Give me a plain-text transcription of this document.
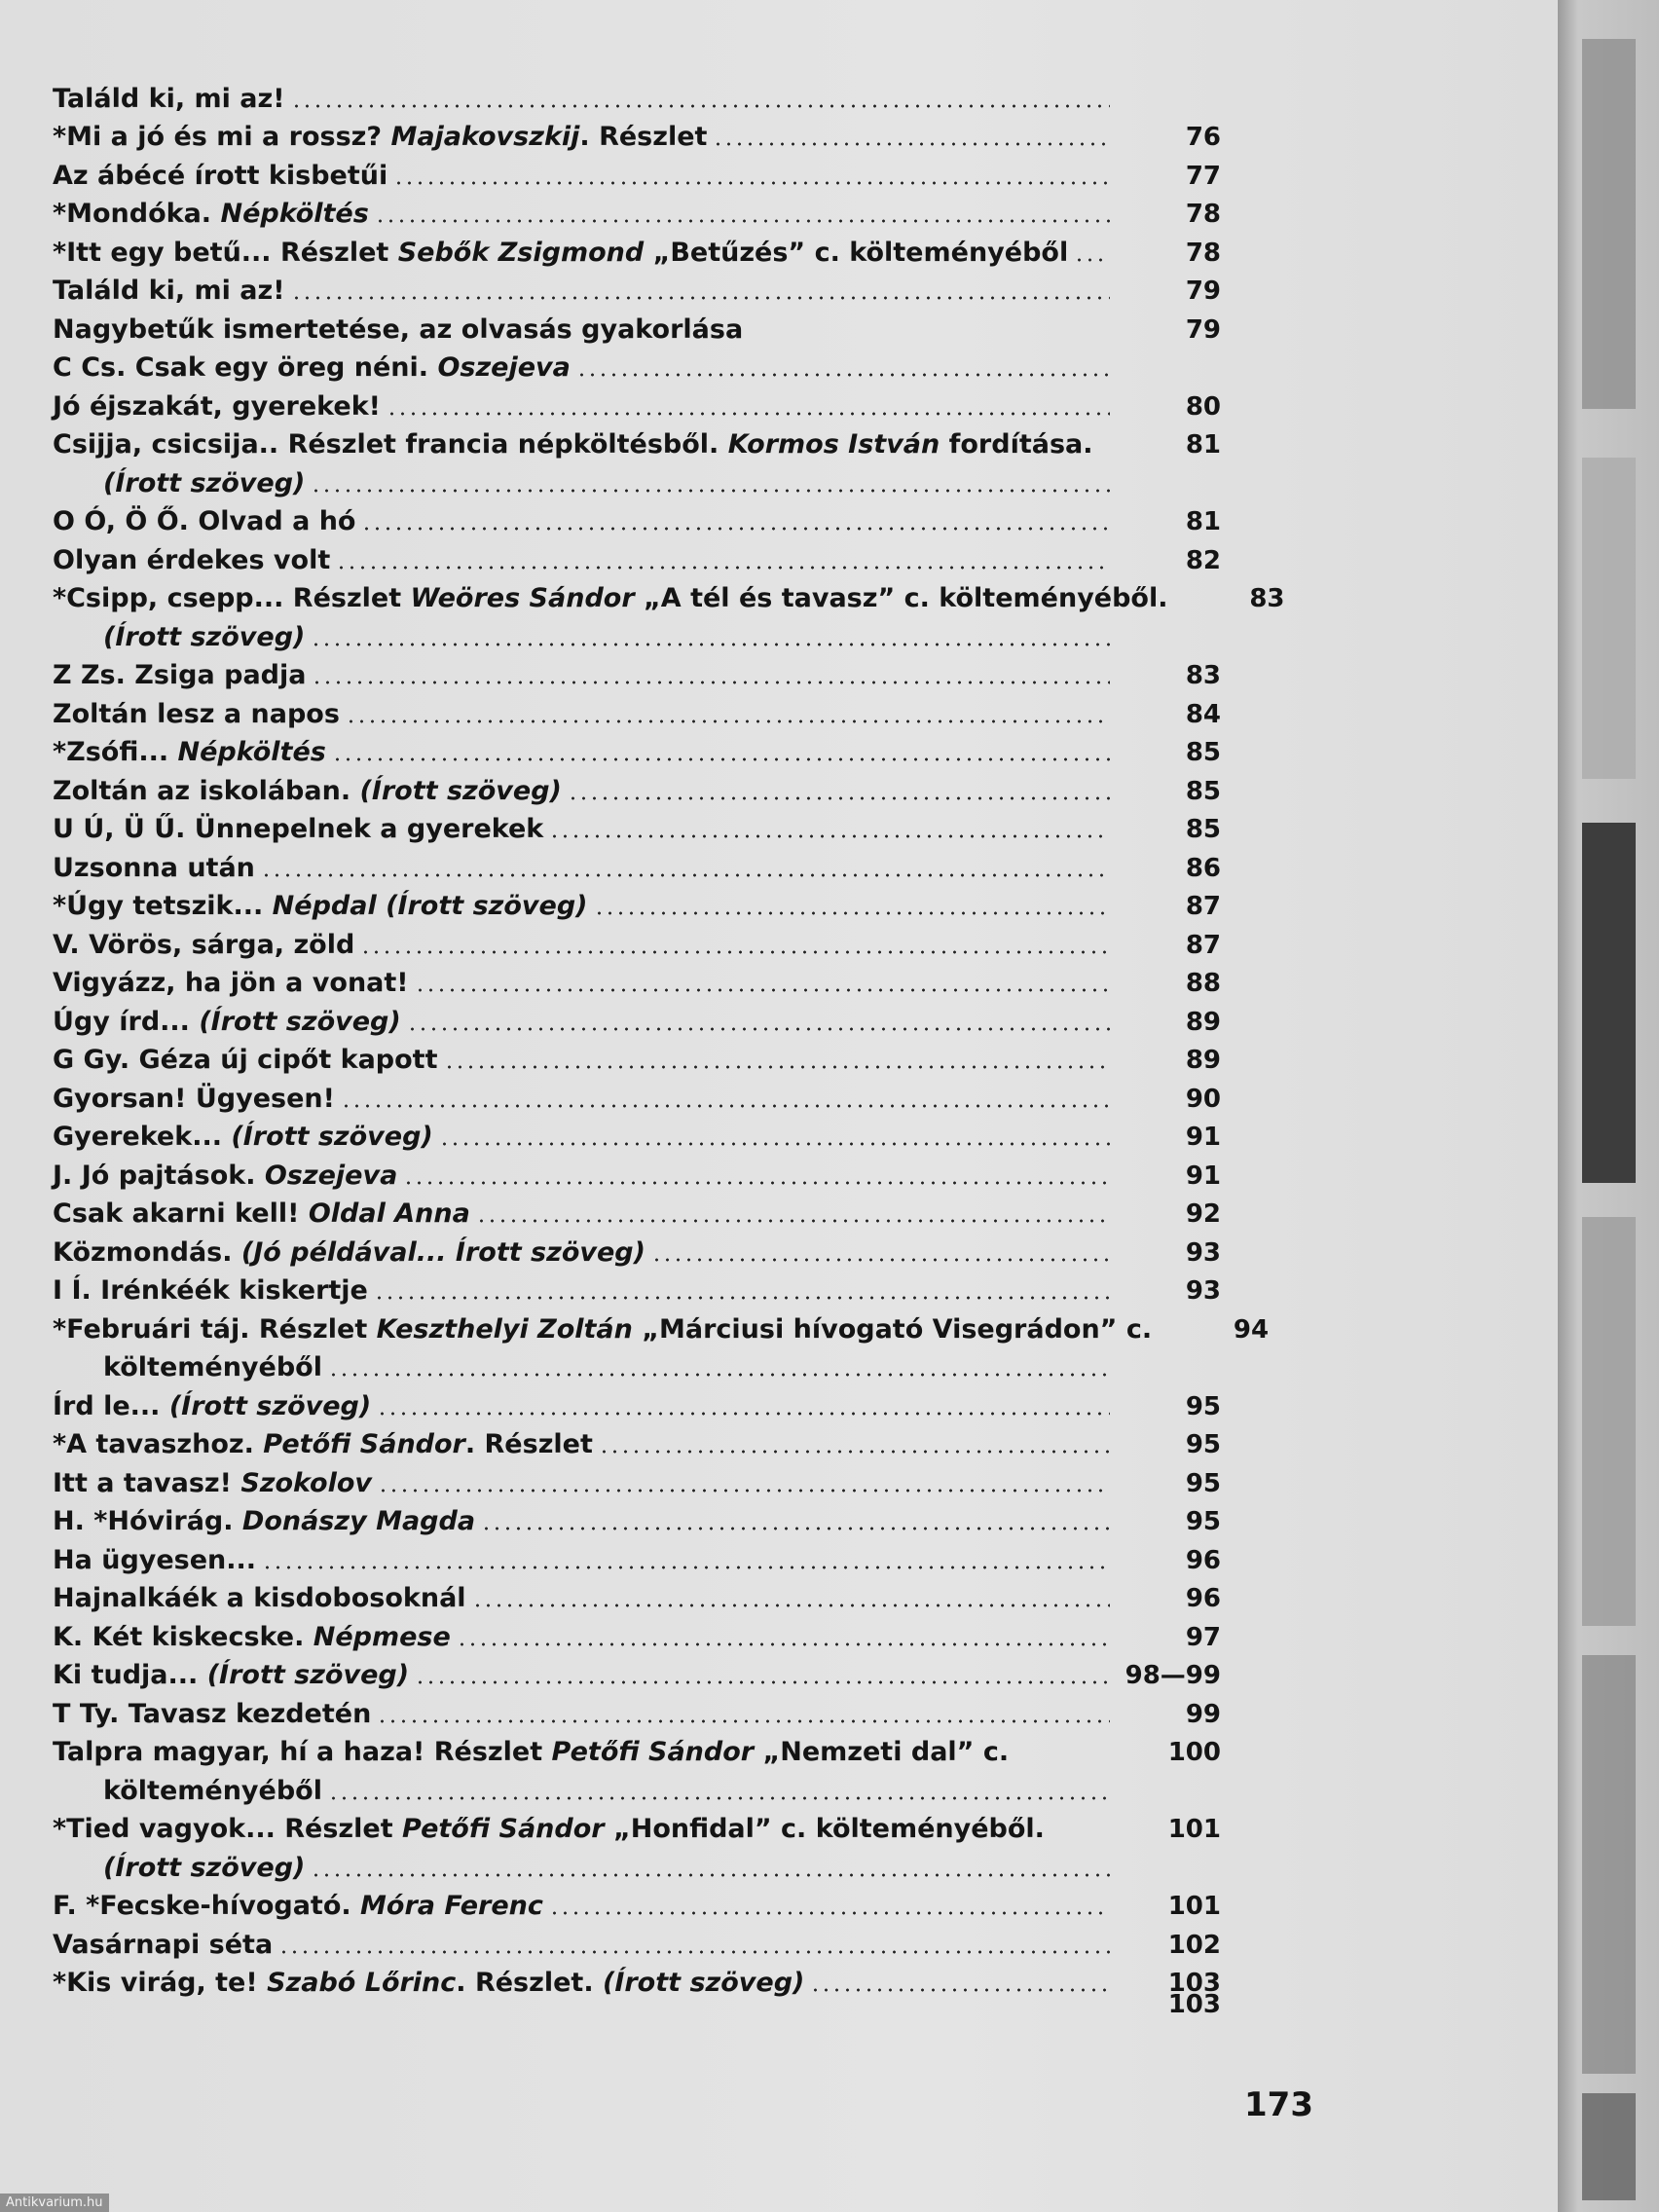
Találd ki, mi az!
*Mi a jó és mi a rossz? Majakovszkij. Részlet	76
Az ábécé írott kisbetűi	77
*Mondóka. Népköltés	78
*Itt egy betű... Részlet Sebők Zsigmond „Betűzés” c. költeményéből	78
Találd ki, mi az!	79
Nagybetűk ismertetése, az olvasás gyakorlása	79
C Cs. Csak egy öreg néni. Oszejeva
Jó éjszakát, gyerekek!	80
Csijja, csicsija.. Részlet francia népköltésből. Kormos István fordítása.	81
(Írott szöveg)
O Ó, Ö Ő. Olvad a hó	81
Olyan érdekes volt	82
*Csipp, csepp... Részlet Weöres Sándor „A tél és tavasz” c. költeményéből.	83
(Írott szöveg)
Z Zs. Zsiga padja	83
Zoltán lesz a napos	84
*Zsófi... Népköltés	85
Zoltán az iskolában. (Írott szöveg)	85
U Ú, Ü Ű. Ünnepelnek a gyerekek	85
Uzsonna után	86
*Úgy tetszik... Népdal (Írott szöveg)	87
V. Vörös, sárga, zöld	87
Vigyázz, ha jön a vonat!	88
Úgy írd... (Írott szöveg)	89
G Gy. Géza új cipőt kapott	89
Gyorsan! Ügyesen!	90
Gyerekek... (Írott szöveg)	91
J. Jó pajtások. Oszejeva	91
Csak akarni kell! Oldal Anna	92
Közmondás. (Jó példával... Írott szöveg)	93
I Í. Irénkéék kiskertje	93
*Februári táj. Részlet Keszthelyi Zoltán „Márciusi hívogató Visegrádon” c.	94
költeményéből
Írd le... (Írott szöveg)	95
*A tavaszhoz. Petőfi Sándor. Részlet	95
Itt a tavasz! Szokolov	95
H. *Hóvirág. Donászy Magda	95
Ha ügyesen...	96
Hajnalkáék a kisdobosoknál	96
K. Két kiskecske. Népmese	97
Ki tudja... (Írott szöveg)	98—99
T Ty. Tavasz kezdetén	99
Talpra magyar, hí a haza! Részlet Petőfi Sándor „Nemzeti dal” c.	100
költeményéből
*Tied vagyok... Részlet Petőfi Sándor „Honfidal” c. költeményéből.	101
(Írott szöveg)
F. *Fecske-hívogató. Móra Ferenc	101
Vasárnapi séta	102
*Kis virág, te! Szabó Lőrinc. Részlet. (Írott szöveg)	103
103
173
Antikvarium.hu
